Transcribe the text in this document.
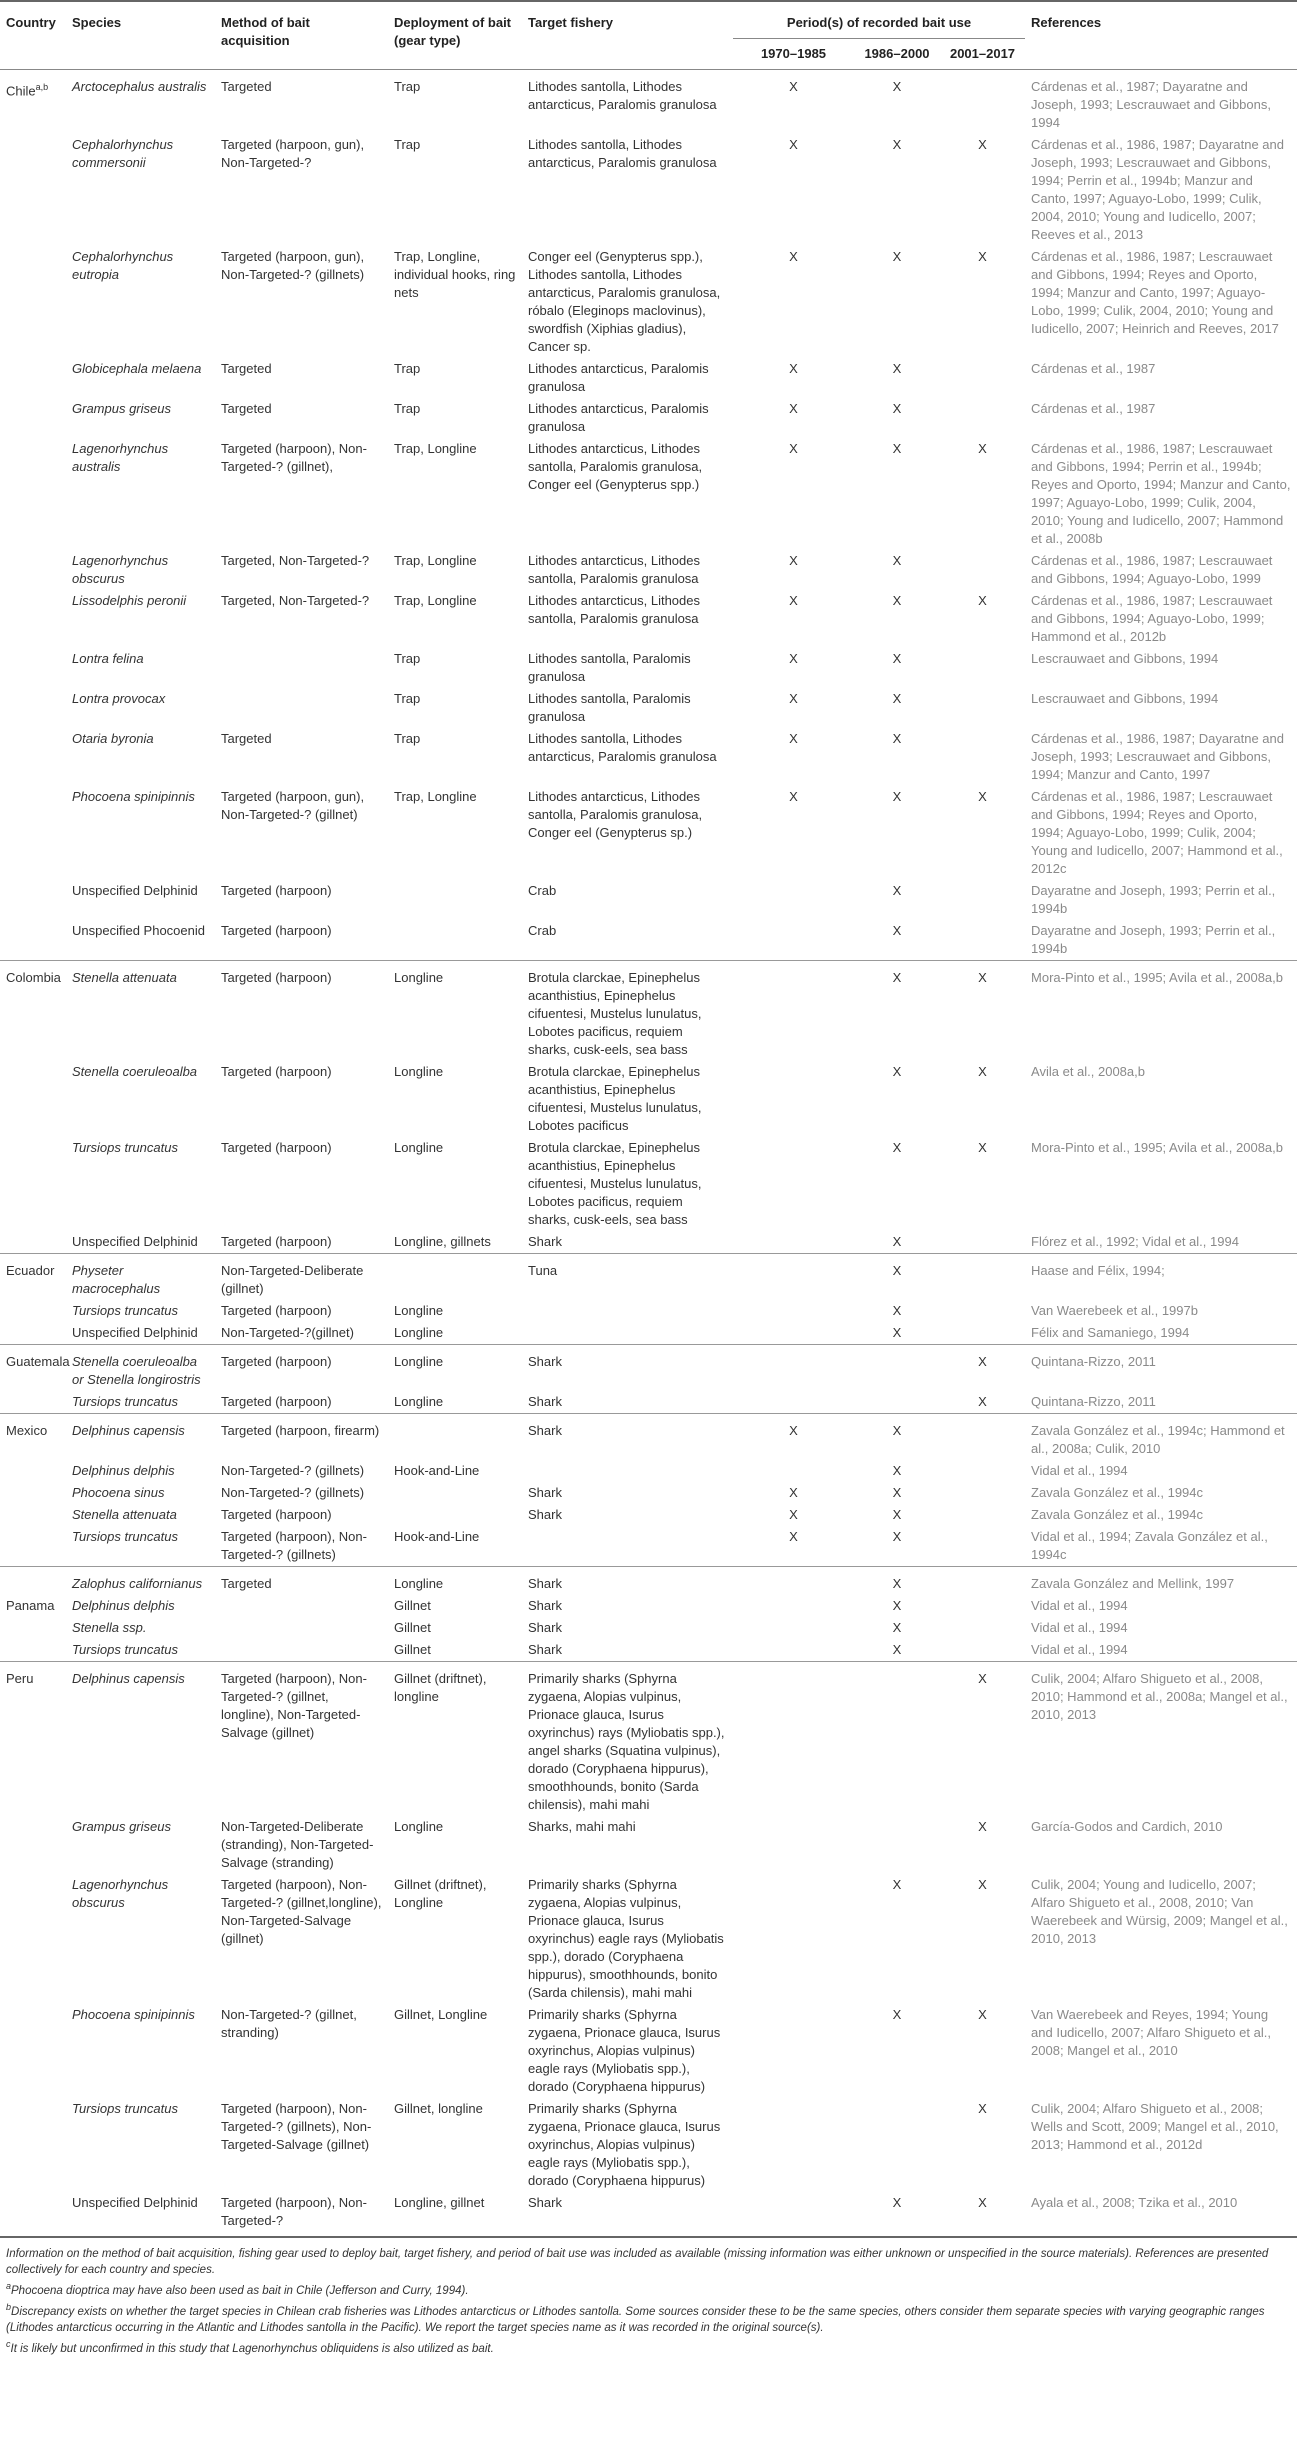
Country	Species	Method of bait acquisition	Deployment of bait (gear type)	Target fishery	Period(s) of recorded bait use			References
					1970–1985	1986–2000	2001–2017	
Chile$^{a,b}$	Arctocephalus australis	Targeted	Trap	Lithodes santolla, Lithodes antarcticus, Paralomis granulosa	X	X		Cárdenas et al., 1987; Dayaratne and Joseph, 1993; Lescrauwaet and Gibbons, 1994
	Cephalorhynchus commersonii	Targeted (harpoon, gun), Non-Targeted-?	Trap	Lithodes santolla, Lithodes antarcticus, Paralomis granulosa	X	X	X	Cárdenas et al., 1986, 1987; Dayaratne and Joseph, 1993; Lescrauwaet and Gibbons, 1994; Perrin et al., 1994b; Manzur and Canto, 1997; Aguayo-Lobo, 1999; Culik, 2004, 2010; Young and Iudicello, 2007; Reeves et al., 2013
	Cephalorhynchus eutropia	Targeted (harpoon, gun), Non-Targeted-? (gillnets)	Trap, Longline, individual hooks, ring nets	Conger eel (Genypterus spp.), Lithodes santolla, Lithodes antarcticus, Paralomis granulosa, róbalo (Eleginops maclovinus), swordfish (Xiphias gladius), Cancer sp.	X	X	X	Cárdenas et al., 1986, 1987; Lescrauwaet and Gibbons, 1994; Reyes and Oporto, 1994; Manzur and Canto, 1997; Aguayo-Lobo, 1999; Culik, 2004, 2010; Young and Iudicello, 2007; Heinrich and Reeves, 2017
	Globicephala melaena	Targeted	Trap	Lithodes antarcticus, Paralomis granulosa	X	X		Cárdenas et al., 1987
	Grampus griseus	Targeted	Trap	Lithodes antarcticus, Paralomis granulosa	X	X		Cárdenas et al., 1987
	Lagenorhynchus australis	Targeted (harpoon), Non-Targeted-? (gillnet),	Trap, Longline	Lithodes antarcticus, Lithodes santolla, Paralomis granulosa, Conger eel (Genypterus spp.)	X	X	X	Cárdenas et al., 1986, 1987; Lescrauwaet and Gibbons, 1994; Perrin et al., 1994b; Reyes and Oporto, 1994; Manzur and Canto, 1997; Aguayo-Lobo, 1999; Culik, 2004, 2010; Young and Iudicello, 2007; Hammond et al., 2008b
	Lagenorhynchus obscurus	Targeted, Non-Targeted-?	Trap, Longline	Lithodes antarcticus, Lithodes santolla, Paralomis granulosa	X	X		Cárdenas et al., 1986, 1987; Lescrauwaet and Gibbons, 1994; Aguayo-Lobo, 1999
	Lissodelphis peronii	Targeted, Non-Targeted-?	Trap, Longline	Lithodes antarcticus, Lithodes santolla, Paralomis granulosa	X	X	X	Cárdenas et al., 1986, 1987; Lescrauwaet and Gibbons, 1994; Aguayo-Lobo, 1999; Hammond et al., 2012b
	Lontra felina		Trap	Lithodes santolla, Paralomis granulosa	X	X		Lescrauwaet and Gibbons, 1994
	Lontra provocax		Trap	Lithodes santolla, Paralomis granulosa	X	X		Lescrauwaet and Gibbons, 1994
	Otaria byronia	Targeted	Trap	Lithodes santolla, Lithodes antarcticus, Paralomis granulosa	X	X		Cárdenas et al., 1986, 1987; Dayaratne and Joseph, 1993; Lescrauwaet and Gibbons, 1994; Manzur and Canto, 1997
	Phocoena spinipinnis	Targeted (harpoon, gun), Non-Targeted-? (gillnet)	Trap, Longline	Lithodes antarcticus, Lithodes santolla, Paralomis granulosa, Conger eel (Genypterus sp.)	X	X	X	Cárdenas et al., 1986, 1987; Lescrauwaet and Gibbons, 1994; Reyes and Oporto, 1994; Aguayo-Lobo, 1999; Culik, 2004; Young and Iudicello, 2007; Hammond et al., 2012c
	Unspecified Delphinid	Targeted (harpoon)		Crab		X		Dayaratne and Joseph, 1993; Perrin et al., 1994b
	Unspecified Phocoenid	Targeted (harpoon)		Crab		X		Dayaratne and Joseph, 1993; Perrin et al., 1994b
Colombia	Stenella attenuata	Targeted (harpoon)	Longline	Brotula clarckae, Epinephelus acanthistius, Epinephelus cifuentesi, Mustelus lunulatus, Lobotes pacificus, requiem sharks, cusk-eels, sea bass		X	X	Mora-Pinto et al., 1995; Avila et al., 2008a,b
	Stenella coeruleoalba	Targeted (harpoon)	Longline	Brotula clarckae, Epinephelus acanthistius, Epinephelus cifuentesi, Mustelus lunulatus, Lobotes pacificus		X	X	Avila et al., 2008a,b
	Tursiops truncatus	Targeted (harpoon)	Longline	Brotula clarckae, Epinephelus acanthistius, Epinephelus cifuentesi, Mustelus lunulatus, Lobotes pacificus, requiem sharks, cusk-eels, sea bass		X	X	Mora-Pinto et al., 1995; Avila et al., 2008a,b
	Unspecified Delphinid	Targeted (harpoon)	Longline, gillnets	Shark		X		Flórez et al., 1992; Vidal et al., 1994
Ecuador	Physeter macrocephalus	Non-Targeted-Deliberate (gillnet)		Tuna		X		Haase and Félix, 1994;
	Tursiops truncatus	Targeted (harpoon)	Longline			X		Van Waerebeek et al., 1997b
	Unspecified Delphinid	Non-Targeted-?(gillnet)	Longline			X		Félix and Samaniego, 1994
Guatemala	Stenella coeruleoalba or Stenella longirostris	Targeted (harpoon)	Longline	Shark			X	Quintana-Rizzo, 2011
	Tursiops truncatus	Targeted (harpoon)	Longline	Shark			X	Quintana-Rizzo, 2011
Mexico	Delphinus capensis	Targeted (harpoon, firearm)		Shark	X	X		Zavala González et al., 1994c; Hammond et al., 2008a; Culik, 2010
	Delphinus delphis	Non-Targeted-? (gillnets)	Hook-and-Line			X		Vidal et al., 1994
	Phocoena sinus	Non-Targeted-? (gillnets)		Shark	X	X		Zavala González et al., 1994c
	Stenella attenuata	Targeted (harpoon)		Shark	X	X		Zavala González et al., 1994c
	Tursiops truncatus	Targeted (harpoon), Non-Targeted-? (gillnets)	Hook-and-Line		X	X		Vidal et al., 1994; Zavala González et al., 1994c
	Zalophus californianus	Targeted	Longline	Shark		X		Zavala González and Mellink, 1997
Panama	Delphinus delphis		Gillnet	Shark		X		Vidal et al., 1994
	Stenella ssp.		Gillnet	Shark		X		Vidal et al., 1994
	Tursiops truncatus		Gillnet	Shark		X		Vidal et al., 1994
Peru	Delphinus capensis	Targeted (harpoon), Non-Targeted-? (gillnet, longline), Non-Targeted-Salvage (gillnet)	Gillnet (driftnet), longline	Primarily sharks (Sphyrna zygaena, Alopias vulpinus, Prionace glauca, Isurus oxyrinchus) rays (Myliobatis spp.), angel sharks (Squatina vulpinus), dorado (Coryphaena hippurus), smoothhounds, bonito (Sarda chilensis), mahi mahi			X	Culik, 2004; Alfaro Shigueto et al., 2008, 2010; Hammond et al., 2008a; Mangel et al., 2010, 2013
	Grampus griseus	Non-Targeted-Deliberate (stranding), Non-Targeted-Salvage (stranding)	Longline	Sharks, mahi mahi			X	García-Godos and Cardich, 2010
	Lagenorhynchus obscurus	Targeted (harpoon), Non-Targeted-? (gillnet,longline), Non-Targeted-Salvage (gillnet)	Gillnet (driftnet), Longline	Primarily sharks (Sphyrna zygaena, Alopias vulpinus, Prionace glauca, Isurus oxyrinchus) eagle rays (Myliobatis spp.), dorado (Coryphaena hippurus), smoothhounds, bonito (Sarda chilensis), mahi mahi		X	X	Culik, 2004; Young and Iudicello, 2007; Alfaro Shigueto et al., 2008, 2010; Van Waerebeek and Würsig, 2009; Mangel et al., 2010, 2013
	Phocoena spinipinnis	Non-Targeted-? (gillnet, stranding)	Gillnet, Longline	Primarily sharks (Sphyrna zygaena, Prionace glauca, Isurus oxyrinchus, Alopias vulpinus) eagle rays (Myliobatis spp.), dorado (Coryphaena hippurus)		X	X	Van Waerebeek and Reyes, 1994; Young and Iudicello, 2007; Alfaro Shigueto et al., 2008; Mangel et al., 2010
	Tursiops truncatus	Targeted (harpoon), Non-Targeted-? (gillnets), Non-Targeted-Salvage (gillnet)	Gillnet, longline	Primarily sharks (Sphyrna zygaena, Prionace glauca, Isurus oxyrinchus, Alopias vulpinus) eagle rays (Myliobatis spp.), dorado (Coryphaena hippurus)			X	Culik, 2004; Alfaro Shigueto et al., 2008; Wells and Scott, 2009; Mangel et al., 2010, 2013; Hammond et al., 2012d
	Unspecified Delphinid	Targeted (harpoon), Non-Targeted-?	Longline, gillnet	Shark		X	X	Ayala et al., 2008; Tzika et al., 2010

Information on the method of bait acquisition, fishing gear used to deploy bait, target fishery, and period of bait use was included as available (missing information was either unknown or unspecified in the source materials). References are presented collectively for each country and species.

$^a$Phocoena dioptrica may have also been used as bait in Chile (Jefferson and Curry, 1994).

$^b$Discrepancy exists on whether the target species in Chilean crab fisheries was Lithodes antarcticus or Lithodes santolla. Some sources consider these to be the same species, others consider them separate species with varying geographic ranges (Lithodes antarcticus occurring in the Atlantic and Lithodes santolla in the Pacific). We report the target species name as it was recorded in the original source(s).

$^c$It is likely but unconfirmed in this study that Lagenorhynchus obliquidens is also utilized as bait.
